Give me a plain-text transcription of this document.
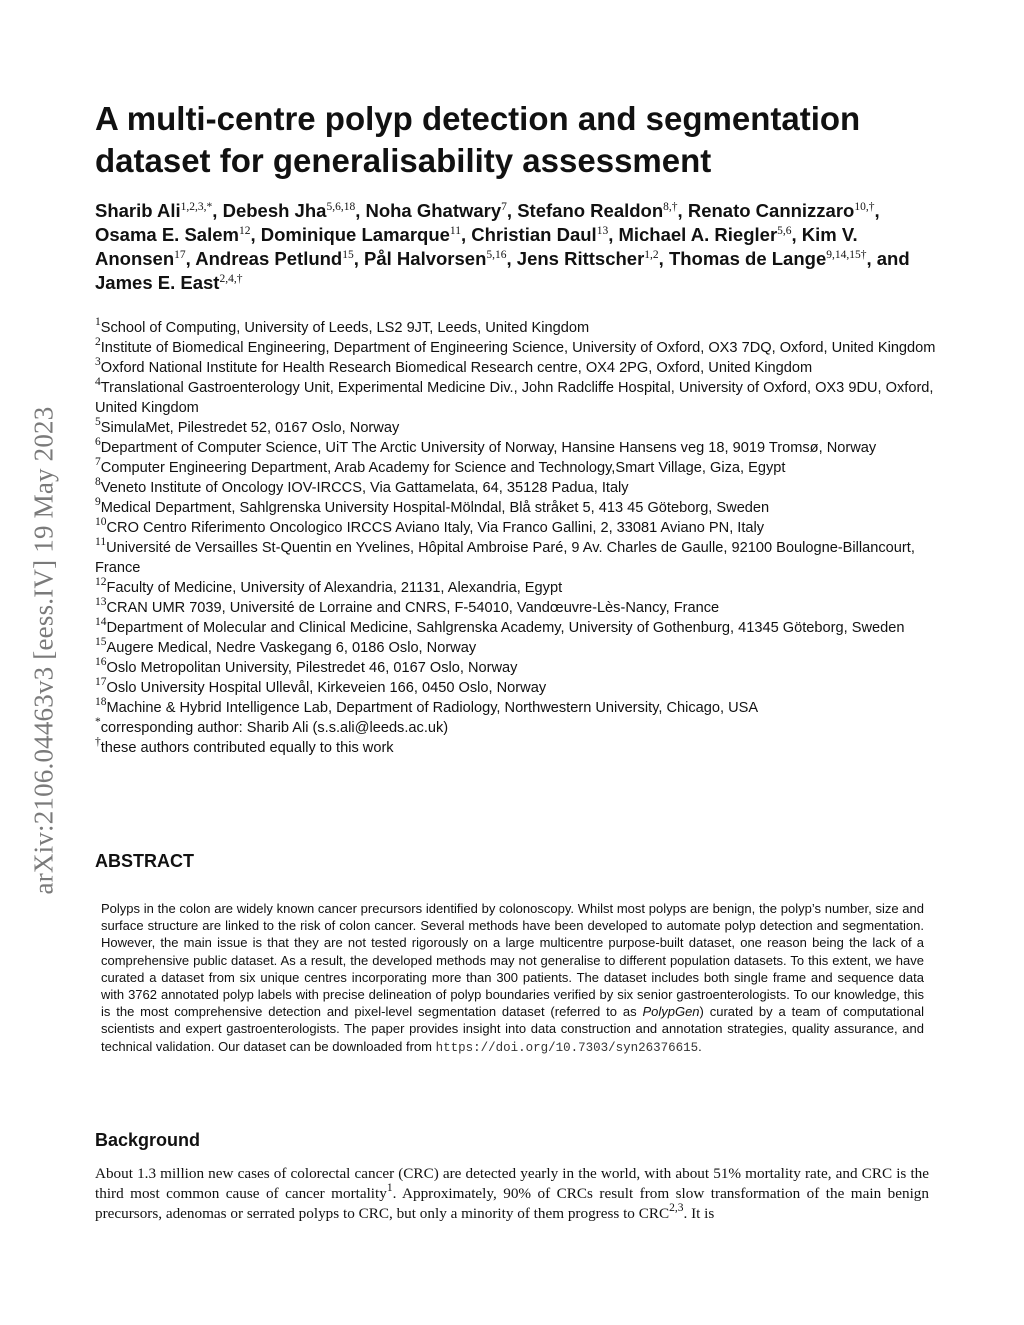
arXiv:2106.04463v3 [eess.IV] 19 May 2023
A multi-centre polyp detection and segmentation
dataset for generalisability assessment

Sharib Ali$^{1,2,3,*}$, Debesh Jha$^{5,6,18}$, Noha Ghatwary$^7$, Stefano Realdon$^{8,\dagger}$, Renato Cannizzaro$^{10,\dagger}$, Osama E. Salem$^{12}$, Dominique Lamarque$^{11}$, Christian Daul$^{13}$, Michael A. Riegler$^{5,6}$, Kim V. Anonsen$^{17}$, Andreas Petlund$^{15}$, Pål Halvorsen$^{5,16}$, Jens Rittscher$^{1,2}$, Thomas de Lange$^{9,14,15\dagger}$, and James E. East$^{2,4,\dagger}$

$^1$School of Computing, University of Leeds, LS2 9JT, Leeds, United Kingdom

$^2$Institute of Biomedical Engineering, Department of Engineering Science, University of Oxford, OX3 7DQ, Oxford, United Kingdom

$^3$Oxford National Institute for Health Research Biomedical Research centre, OX4 2PG, Oxford, United Kingdom

$^4$Translational Gastroenterology Unit, Experimental Medicine Div., John Radcliffe Hospital, University of Oxford, OX3 9DU, Oxford, United Kingdom

$^5$SimulaMet, Pilestredet 52, 0167 Oslo, Norway

$^6$Department of Computer Science, UiT The Arctic University of Norway, Hansine Hansens veg 18, 9019 Tromsø, Norway

$^7$Computer Engineering Department, Arab Academy for Science and Technology,Smart Village, Giza, Egypt

$^8$Veneto Institute of Oncology IOV-IRCCS, Via Gattamelata, 64, 35128 Padua, Italy

$^9$Medical Department, Sahlgrenska University Hospital-Mölndal, Blå stråket 5, 413 45 Göteborg, Sweden

$^{10}$CRO Centro Riferimento Oncologico IRCCS Aviano Italy, Via Franco Gallini, 2, 33081 Aviano PN, Italy

$^{11}$Université de Versailles St-Quentin en Yvelines, Hôpital Ambroise Paré, 9 Av. Charles de Gaulle, 92100 Boulogne-Billancourt, France

$^{12}$Faculty of Medicine, University of Alexandria, 21131, Alexandria, Egypt

$^{13}$CRAN UMR 7039, Université de Lorraine and CNRS, F-54010, Vandœuvre-Lès-Nancy, France

$^{14}$Department of Molecular and Clinical Medicine, Sahlgrenska Academy, University of Gothenburg, 41345 Göteborg, Sweden

$^{15}$Augere Medical, Nedre Vaskegang 6, 0186 Oslo, Norway

$^{16}$Oslo Metropolitan University, Pilestredet 46, 0167 Oslo, Norway

$^{17}$Oslo University Hospital Ullevål, Kirkeveien 166, 0450 Oslo, Norway

$^{18}$Machine & Hybrid Intelligence Lab, Department of Radiology, Northwestern University, Chicago, USA

*corresponding author: Sharib Ali (s.s.ali@leeds.ac.uk)

†these authors contributed equally to this work

ABSTRACT

Polyps in the colon are widely known cancer precursors identified by colonoscopy. Whilst most polyps are benign, the polyp’s number, size and surface structure are linked to the risk of colon cancer. Several methods have been developed to automate polyp detection and segmentation. However, the main issue is that they are not tested rigorously on a large multicentre purpose-built dataset, one reason being the lack of a comprehensive public dataset. As a result, the developed methods may not generalise to different population datasets. To this extent, we have curated a dataset from six unique centres incorporating more than 300 patients. The dataset includes both single frame and sequence data with 3762 annotated polyp labels with precise delineation of polyp boundaries verified by six senior gastroenterologists. To our knowledge, this is the most comprehensive detection and pixel-level segmentation dataset (referred to as PolypGen) curated by a team of computational scientists and expert gastroenterologists. The paper provides insight into data construction and annotation strategies, quality assurance, and technical validation. Our dataset can be downloaded from https://doi.org/10.7303/syn26376615.

Background

About 1.3 million new cases of colorectal cancer (CRC) are detected yearly in the world, with about 51% mortality rate, and CRC is the third most common cause of cancer mortality$^1$. Approximately, 90% of CRCs result from slow transformation of the main benign precursors, adenomas or serrated polyps to CRC, but only a minority of them progress to CRC$^{2,3}$. It is
